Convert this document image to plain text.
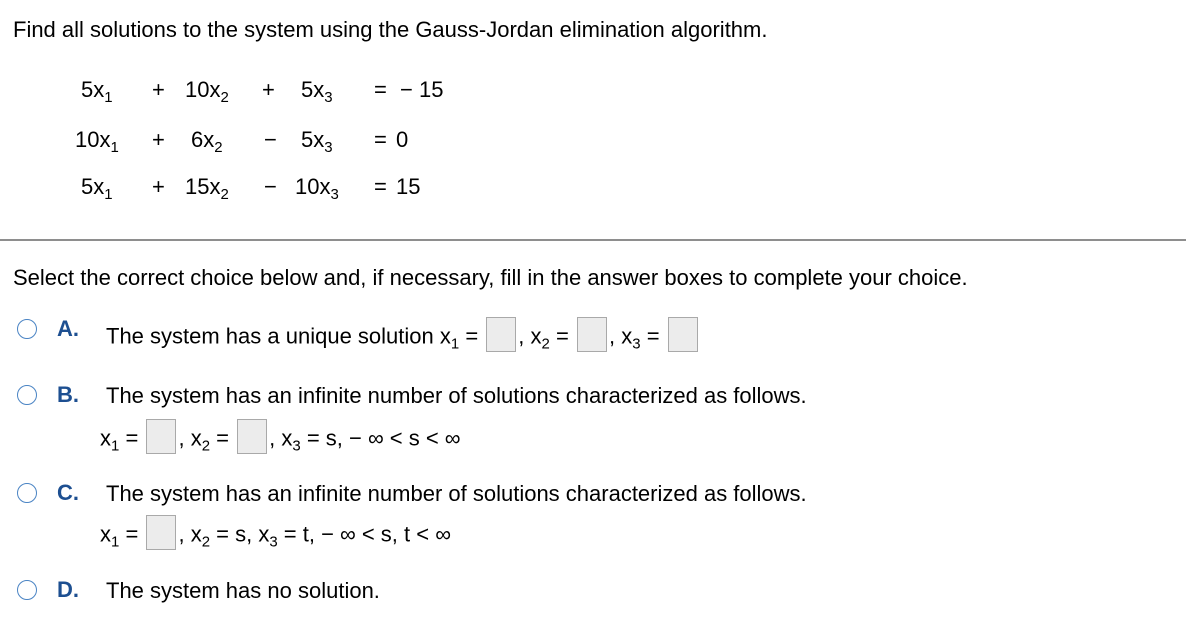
Find all solutions to the system using the Gauss-Jordan elimination algorithm.
$5x_1 + 10x_2 + 5x_3$ = − 15
$10x_1 + 6x_2 - 5x_3 = 0$
$5x_1 + 15x_2 - 10x_3 = 15$
Select the correct choice below and, if necessary, fill in the answer boxes to complete your choice.
A. The system has a unique solution $x_1$ = , $x_2$ = , $x_3$ =
B. The system has an infinite number of solutions characterized as follows.
$x_1$ = , $x_2$ = , $x_3 = s$, − ∞ < s < ∞
C. The system has an infinite number of solutions characterized as follows.
$x_1$ = , $x_2 = s$, $x_3 = t$, − ∞ < s, t < ∞
D. The system has no solution.
